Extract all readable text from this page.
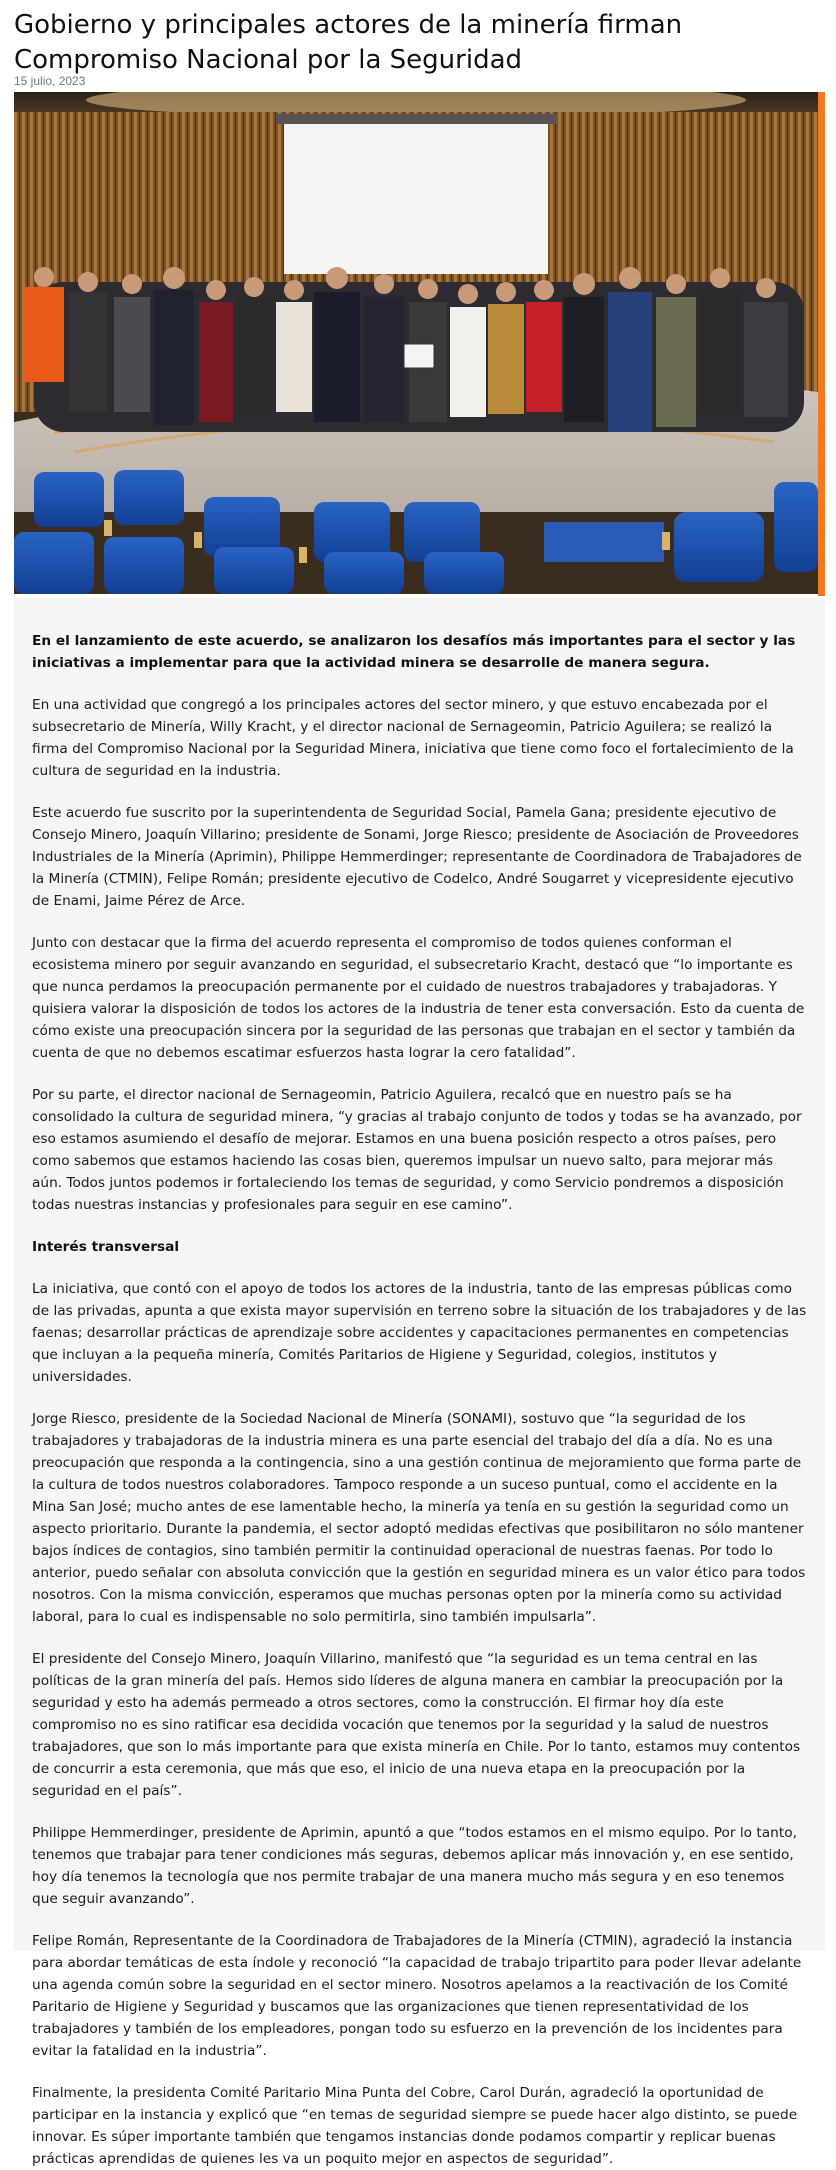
Gobierno y principales actores de la minería firman Compromiso Nacional por la Seguridad
15 julio, 2023

En el lanzamiento de este acuerdo, se analizaron los desafíos más importantes para el sector y las iniciativas a implementar para que la actividad minera se desarrolle de manera segura.

En una actividad que congregó a los principales actores del sector minero, y que estuvo encabezada por el subsecretario de Minería, Willy Kracht, y el director nacional de Sernageomin, Patricio Aguilera; se realizó la firma del Compromiso Nacional por la Seguridad Minera, iniciativa que tiene como foco el fortalecimiento de la cultura de seguridad en la industria.

Este acuerdo fue suscrito por la superintendenta de Seguridad Social, Pamela Gana; presidente ejecutivo de Consejo Minero, Joaquín Villarino; presidente de Sonami, Jorge Riesco; presidente de Asociación de Proveedores Industriales de la Minería (Aprimin), Philippe Hemmerdinger; representante de Coordinadora de Trabajadores de la Minería (CTMIN), Felipe Román; presidente ejecutivo de Codelco, André Sougarret y vicepresidente ejecutivo de Enami, Jaime Pérez de Arce.

Junto con destacar que la firma del acuerdo representa el compromiso de todos quienes conforman el ecosistema minero por seguir avanzando en seguridad, el subsecretario Kracht, destacó que “lo importante es que nunca perdamos la preocupación permanente por el cuidado de nuestros trabajadores y trabajadoras. Y quisiera valorar la disposición de todos los actores de la industria de tener esta conversación. Esto da cuenta de cómo existe una preocupación sincera por la seguridad de las personas que trabajan en el sector y también da cuenta de que no debemos escatimar esfuerzos hasta lograr la cero fatalidad”.

Por su parte, el director nacional de Sernageomin, Patricio Aguilera, recalcó que en nuestro país se ha consolidado la cultura de seguridad minera, “y gracias al trabajo conjunto de todos y todas se ha avanzado, por eso estamos asumiendo el desafío de mejorar. Estamos en una buena posición respecto a otros países, pero como sabemos que estamos haciendo las cosas bien, queremos impulsar un nuevo salto, para mejorar más aún. Todos juntos podemos ir fortaleciendo los temas de seguridad, y como Servicio pondremos a disposición todas nuestras instancias y profesionales para seguir en ese camino”.

Interés transversal

La iniciativa, que contó con el apoyo de todos los actores de la industria, tanto de las empresas públicas como de las privadas, apunta a que exista mayor supervisión en terreno sobre la situación de los trabajadores y de las faenas; desarrollar prácticas de aprendizaje sobre accidentes y capacitaciones permanentes en competencias que incluyan a la pequeña minería, Comités Paritarios de Higiene y Seguridad, colegios, institutos y universidades.

Jorge Riesco, presidente de la Sociedad Nacional de Minería (SONAMI), sostuvo que “la seguridad de los trabajadores y trabajadoras de la industria minera es una parte esencial del trabajo del día a día. No es una preocupación que responda a la contingencia, sino a una gestión continua de mejoramiento que forma parte de la cultura de todos nuestros colaboradores. Tampoco responde a un suceso puntual, como el accidente en la Mina San José; mucho antes de ese lamentable hecho, la minería ya tenía en su gestión la seguridad como un aspecto prioritario. Durante la pandemia, el sector adoptó medidas efectivas que posibilitaron no sólo mantener bajos índices de contagios, sino también permitir la continuidad operacional de nuestras faenas. Por todo lo anterior, puedo señalar con absoluta convicción que la gestión en seguridad minera es un valor ético para todos nosotros. Con la misma convicción, esperamos que muchas personas opten por la minería como su actividad laboral, para lo cual es indispensable no solo permitirla, sino también impulsarla”.

El presidente del Consejo Minero, Joaquín Villarino, manifestó que “la seguridad es un tema central en las políticas de la gran minería del país. Hemos sido líderes de alguna manera en cambiar la preocupación por la seguridad y esto ha además permeado a otros sectores, como la construcción. El firmar hoy día este compromiso no es sino ratificar esa decidida vocación que tenemos por la seguridad y la salud de nuestros trabajadores, que son lo más importante para que exista minería en Chile. Por lo tanto, estamos muy contentos de concurrir a esta ceremonia, que más que eso, el inicio de una nueva etapa en la preocupación por la seguridad en el país”.

Philippe Hemmerdinger, presidente de Aprimin, apuntó a que “todos estamos en el mismo equipo. Por lo tanto, tenemos que trabajar para tener condiciones más seguras, debemos aplicar más innovación y, en ese sentido, hoy día tenemos la tecnología que nos permite trabajar de una manera mucho más segura y en eso tenemos que seguir avanzando”.

Felipe Román, Representante de la Coordinadora de Trabajadores de la Minería (CTMIN), agradeció la instancia para abordar temáticas de esta índole y reconoció “la capacidad de trabajo tripartito para poder llevar adelante una agenda común sobre la seguridad en el sector minero. Nosotros apelamos a la reactivación de los Comité Paritario de Higiene y Seguridad y buscamos que las organizaciones que tienen representatividad de los trabajadores y también de los empleadores, pongan todo su esfuerzo en la prevención de los incidentes para evitar la fatalidad en la industria”.

Finalmente, la presidenta Comité Paritario Mina Punta del Cobre, Carol Durán, agradeció la oportunidad de participar en la instancia y explicó que “en temas de seguridad siempre se puede hacer algo distinto, se puede innovar. Es súper importante también que tengamos instancias donde podamos compartir y replicar buenas prácticas aprendidas de quienes les va un poquito mejor en aspectos de seguridad”.
